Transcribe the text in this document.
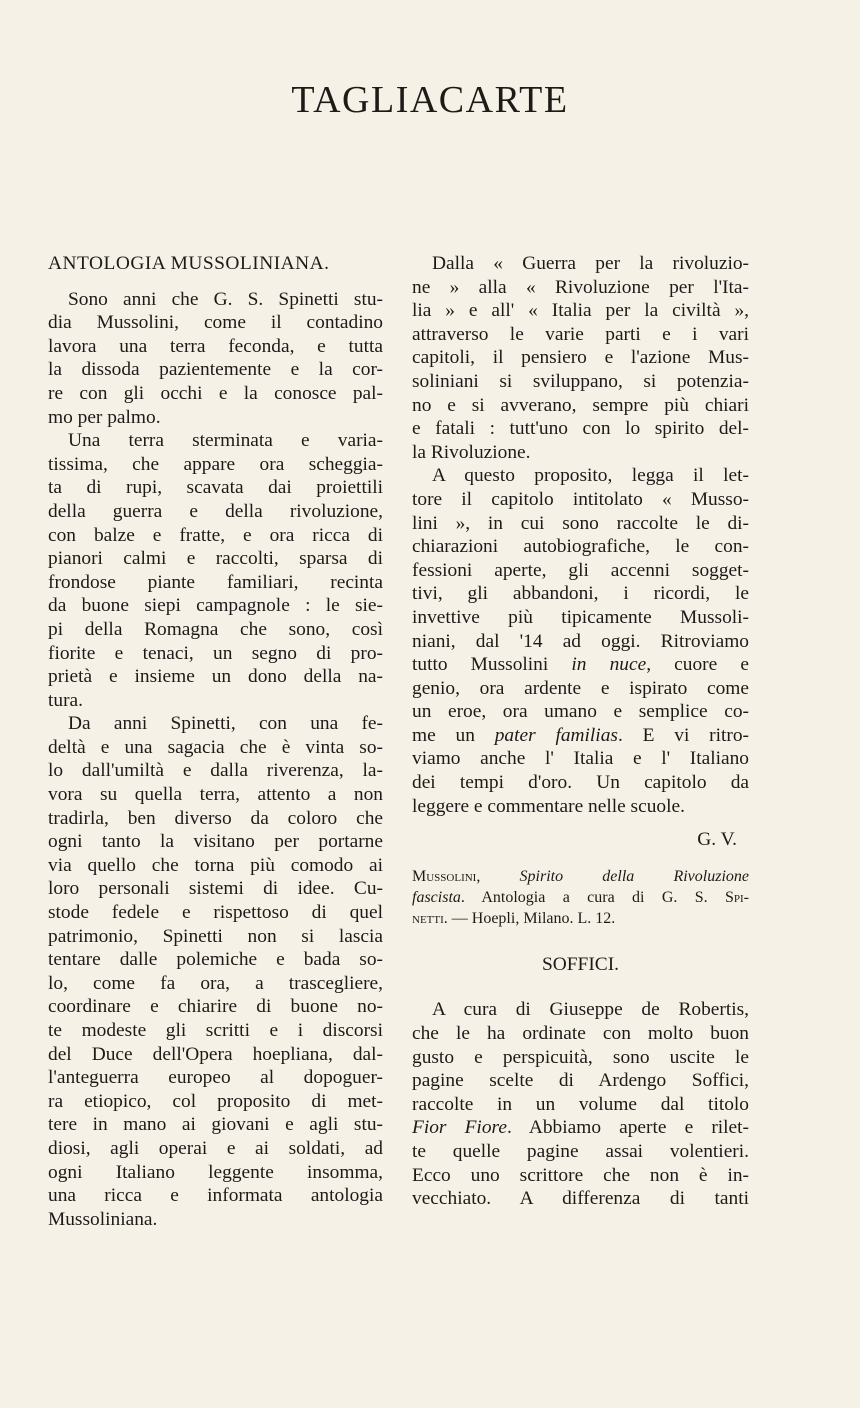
TAGLIACARTE
ANTOLOGIA MUSSOLINIANA.
Sono anni che G. S. Spinetti stu-
dia Mussolini, come il contadino
lavora una terra feconda, e tutta
la dissoda pazientemente e la cor-
re con gli occhi e la conosce pal-
mo per palmo.
Una terra sterminata e varia-
tissima, che appare ora scheggia-
ta di rupi, scavata dai proiettili
della guerra e della rivoluzione,
con balze e fratte, e ora ricca di
pianori calmi e raccolti, sparsa di
frondose piante familiari, recinta
da buone siepi campagnole : le sie-
pi della Romagna che sono, così
fiorite e tenaci, un segno di pro-
prietà e insieme un dono della na-
tura.
Da anni Spinetti, con una fe-
deltà e una sagacia che è vinta so-
lo dall'umiltà e dalla riverenza, la-
vora su quella terra, attento a non
tradirla, ben diverso da coloro che
ogni tanto la visitano per portarne
via quello che torna più comodo ai
loro personali sistemi di idee. Cu-
stode fedele e rispettoso di quel
patrimonio, Spinetti non si lascia
tentare dalle polemiche e bada so-
lo, come fa ora, a trascegliere,
coordinare e chiarire di buone no-
te modeste gli scritti e i discorsi
del Duce dell'Opera hoepliana, dal-
l'anteguerra europeo al dopoguer-
ra etiopico, col proposito di met-
tere in mano ai giovani e agli stu-
diosi, agli operai e ai soldati, ad
ogni Italiano leggente insomma,
una ricca e informata antologia
Mussoliniana.
Dalla « Guerra per la rivoluzio-
ne » alla « Rivoluzione per l'Ita-
lia » e all' « Italia per la civiltà »,
attraverso le varie parti e i vari
capitoli, il pensiero e l'azione Mus-
soliniani si sviluppano, si potenzia-
no e si avverano, sempre più chiari
e fatali : tutt'uno con lo spirito del-
la Rivoluzione.
A questo proposito, legga il let-
tore il capitolo intitolato « Musso-
lini », in cui sono raccolte le di-
chiarazioni autobiografiche, le con-
fessioni aperte, gli accenni sogget-
tivi, gli abbandoni, i ricordi, le
invettive più tipicamente Mussoli-
niani, dal '14 ad oggi. Ritroviamo
tutto Mussolini in nuce, cuore e
genio, ora ardente e ispirato come
un eroe, ora umano e semplice co-
me un pater familias. E vi ritro-
viamo anche l' Italia e l' Italiano
dei tempi d'oro. Un capitolo da
leggere e commentare nelle scuole.
G. V.
Mussolini, Spirito della Rivoluzione
fascista. Antologia a cura di G. S. Spi-
netti. — Hoepli, Milano. L. 12.
SOFFICI.
A cura di Giuseppe de Robertis,
che le ha ordinate con molto buon
gusto e perspicuità, sono uscite le
pagine scelte di Ardengo Soffici,
raccolte in un volume dal titolo
Fior Fiore. Abbiamo aperte e rilet-
te quelle pagine assai volentieri.
Ecco uno scrittore che non è in-
vecchiato. A differenza di tanti
